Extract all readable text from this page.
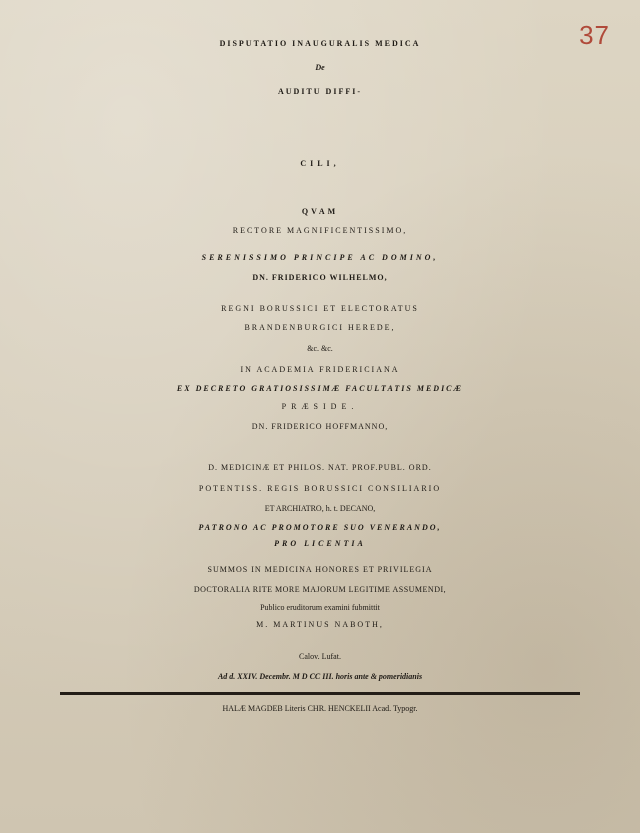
37
DISPUTATIO INAUGURALIS MEDICA
De
AUDITU DIFFI-
CILI,
QVAM
RECTORE MAGNIFICENTISSIMO,
SERENISSIMO PRINCIPE AC DOMINO,
DN. FRIDERICO WILHELMO,
REGNI BORUSSICI ET ELECTORATUS
BRANDENBURGICI HEREDE,
&c. &c.
IN ACADEMIA FRIDERICIANA
EX DECRETO GRATIOSISSIMÆ FACULTATIS MEDICÆ
PRÆSIDE.
DN. FRIDERICO HOFFMANNO,
D. MEDICINÆ ET PHILOS. NAT. PROF.PUBL. ORD.
POTENTISS. REGIS BORUSSICI CONSILIARIO
ET ARCHIATRO, h. t. DECANO,
PATRONO AC PROMOTORE SUO VENERANDO,
PRO LICENTIA
SUMMOS IN MEDICINA HONORES ET PRIVILEGIA
DOCTORALIA RITE MORE MAJORUM LEGITIME ASSUMENDI,
Publico eruditorum examini fubmittit
M. MARTINUS NABOTH,
Calov. Lufat.
Ad d. XXIV. Decembr. M D CC III. horis ante & pomeridianis
HALÆ MAGDEB Literis CHR. HENCKELII Acad. Typogr.
